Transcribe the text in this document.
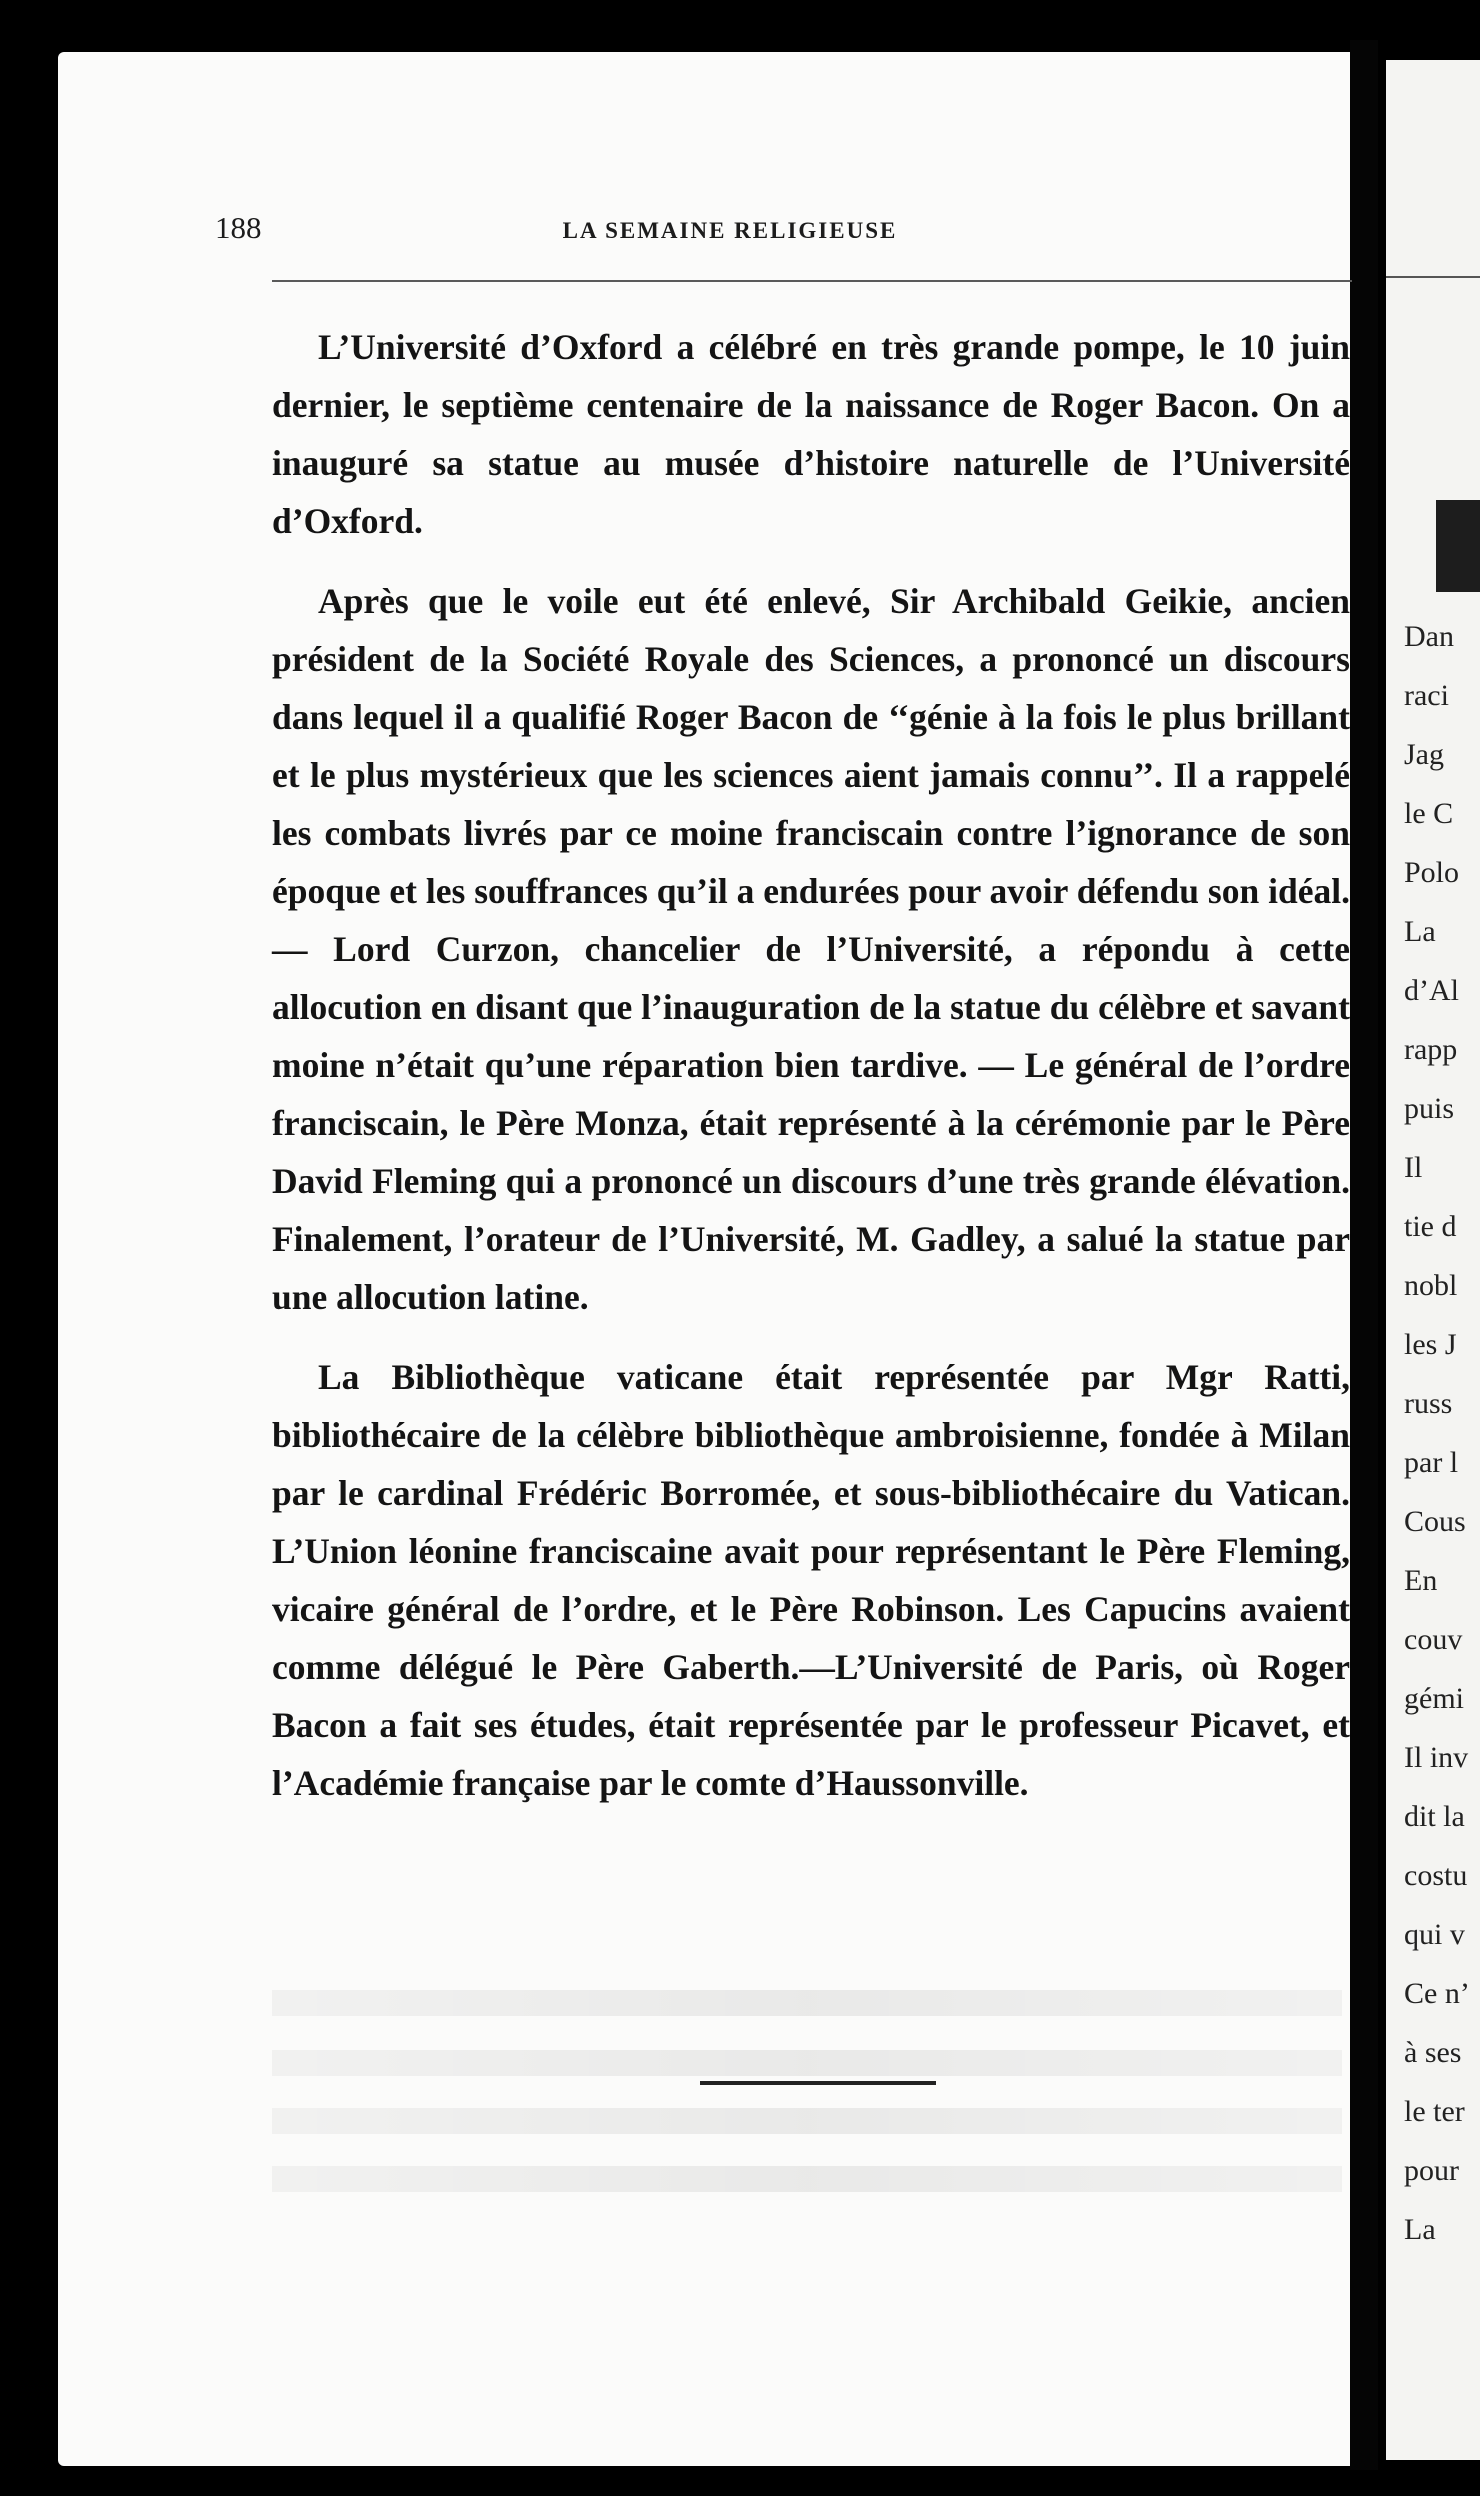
Dan
raci
Jag
le C
Polo
La
d’Al
rapp
puis
Il
tie d
nobl
les J
russ
par l
Cous
En
couv
gémi
Il inv
dit la
costu
qui v
Ce n’
à ses
le ter
pour
La
188	LA SEMAINE RELIGIEUSE

L’Université d’Oxford a célébré en très grande pompe, le 10 juin dernier, le septième centenaire de la naissance de Roger Bacon. On a inauguré sa statue au musée d’histoire naturelle de l’Université d’Oxford.

Après que le voile eut été enlevé, Sir Archibald Geikie, ancien président de la Société Royale des Sciences, a prononcé un discours dans lequel il a qualifié Roger Bacon de ‘‘génie à la fois le plus brillant et le plus mystérieux que les sciences aient jamais connu’’. Il a rappelé les combats livrés par ce moine franciscain contre l’ignorance de son époque et les souffrances qu’il a endurées pour avoir défendu son idéal. — Lord Curzon, chancelier de l’Université, a répondu à cette allocution en disant que l’inauguration de la statue du célèbre et savant moine n’était qu’une réparation bien tardive. — Le général de l’ordre franciscain, le Père Monza, était représenté à la cérémonie par le Père David Fleming qui a prononcé un discours d’une très grande élévation. Finalement, l’orateur de l’Université, M. Gadley, a salué la statue par une allocution latine.

La Bibliothèque vaticane était représentée par Mgr Ratti, bibliothécaire de la célèbre bibliothèque ambroisienne, fondée à Milan par le cardinal Frédéric Borromée, et sous-bibliothécaire du Vatican. L’Union léonine franciscaine avait pour représentant le Père Fleming, vicaire général de l’ordre, et le Père Robinson. Les Capucins avaient comme délégué le Père Gaberth.—L’Université de Paris, où Roger Bacon a fait ses études, était représentée par le professeur Picavet, et l’Académie française par le comte d’Haussonville.
